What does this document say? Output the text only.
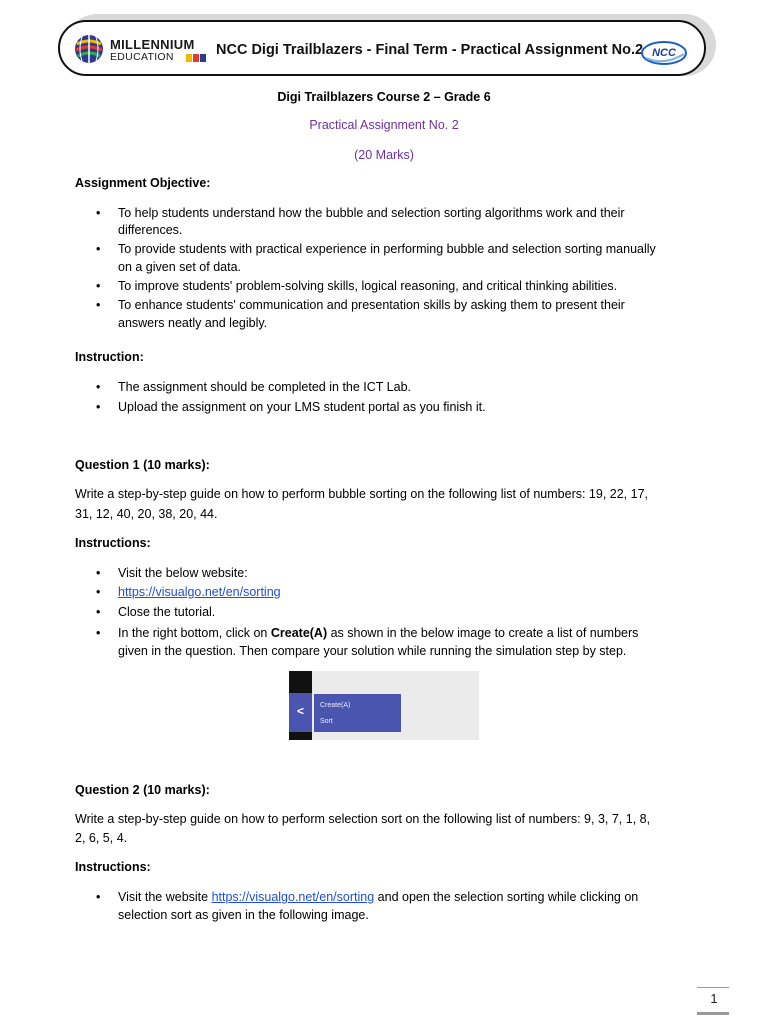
MILLENNIUM
EDUCATION	NCC Digi Trailblazers - Final Term - Practical Assignment No.2 NCC
Digi Trailblazers Course 2 – Grade 6
Practical Assignment No. 2
(20 Marks)
Assignment Objective:
• To help students understand how the bubble and selection sorting algorithms work and their
differences.
• To provide students with practical experience in performing bubble and selection sorting manually
on a given set of data.
• To improve students' problem-solving skills, logical reasoning, and critical thinking abilities.
• To enhance students' communication and presentation skills by asking them to present their
answers neatly and legibly.
Instruction:
• The assignment should be completed in the ICT Lab.
• Upload the assignment on your LMS student portal as you finish it.
Question 1 (10 marks):
Write a step-by-step guide on how to perform bubble sorting on the following list of numbers: 19, 22, 17,
31, 12, 40, 20, 38, 20, 44.
Instructions:
• Visit the below website:
• https://visualgo.net/en/sorting
• Close the tutorial.
• In the right bottom, click on Create(A) as shown in the below image to create a list of numbers
given in the question. Then compare your solution while running the simulation step by step.
< Create(A)
Sort
Question 2 (10 marks):
Write a step-by-step guide on how to perform selection sort on the following list of numbers: 9, 3, 7, 1, 8,
2, 6, 5, 4.
Instructions:
• Visit the website https://visualgo.net/en/sorting and open the selection sorting while clicking on
selection sort as given in the following image.
1
